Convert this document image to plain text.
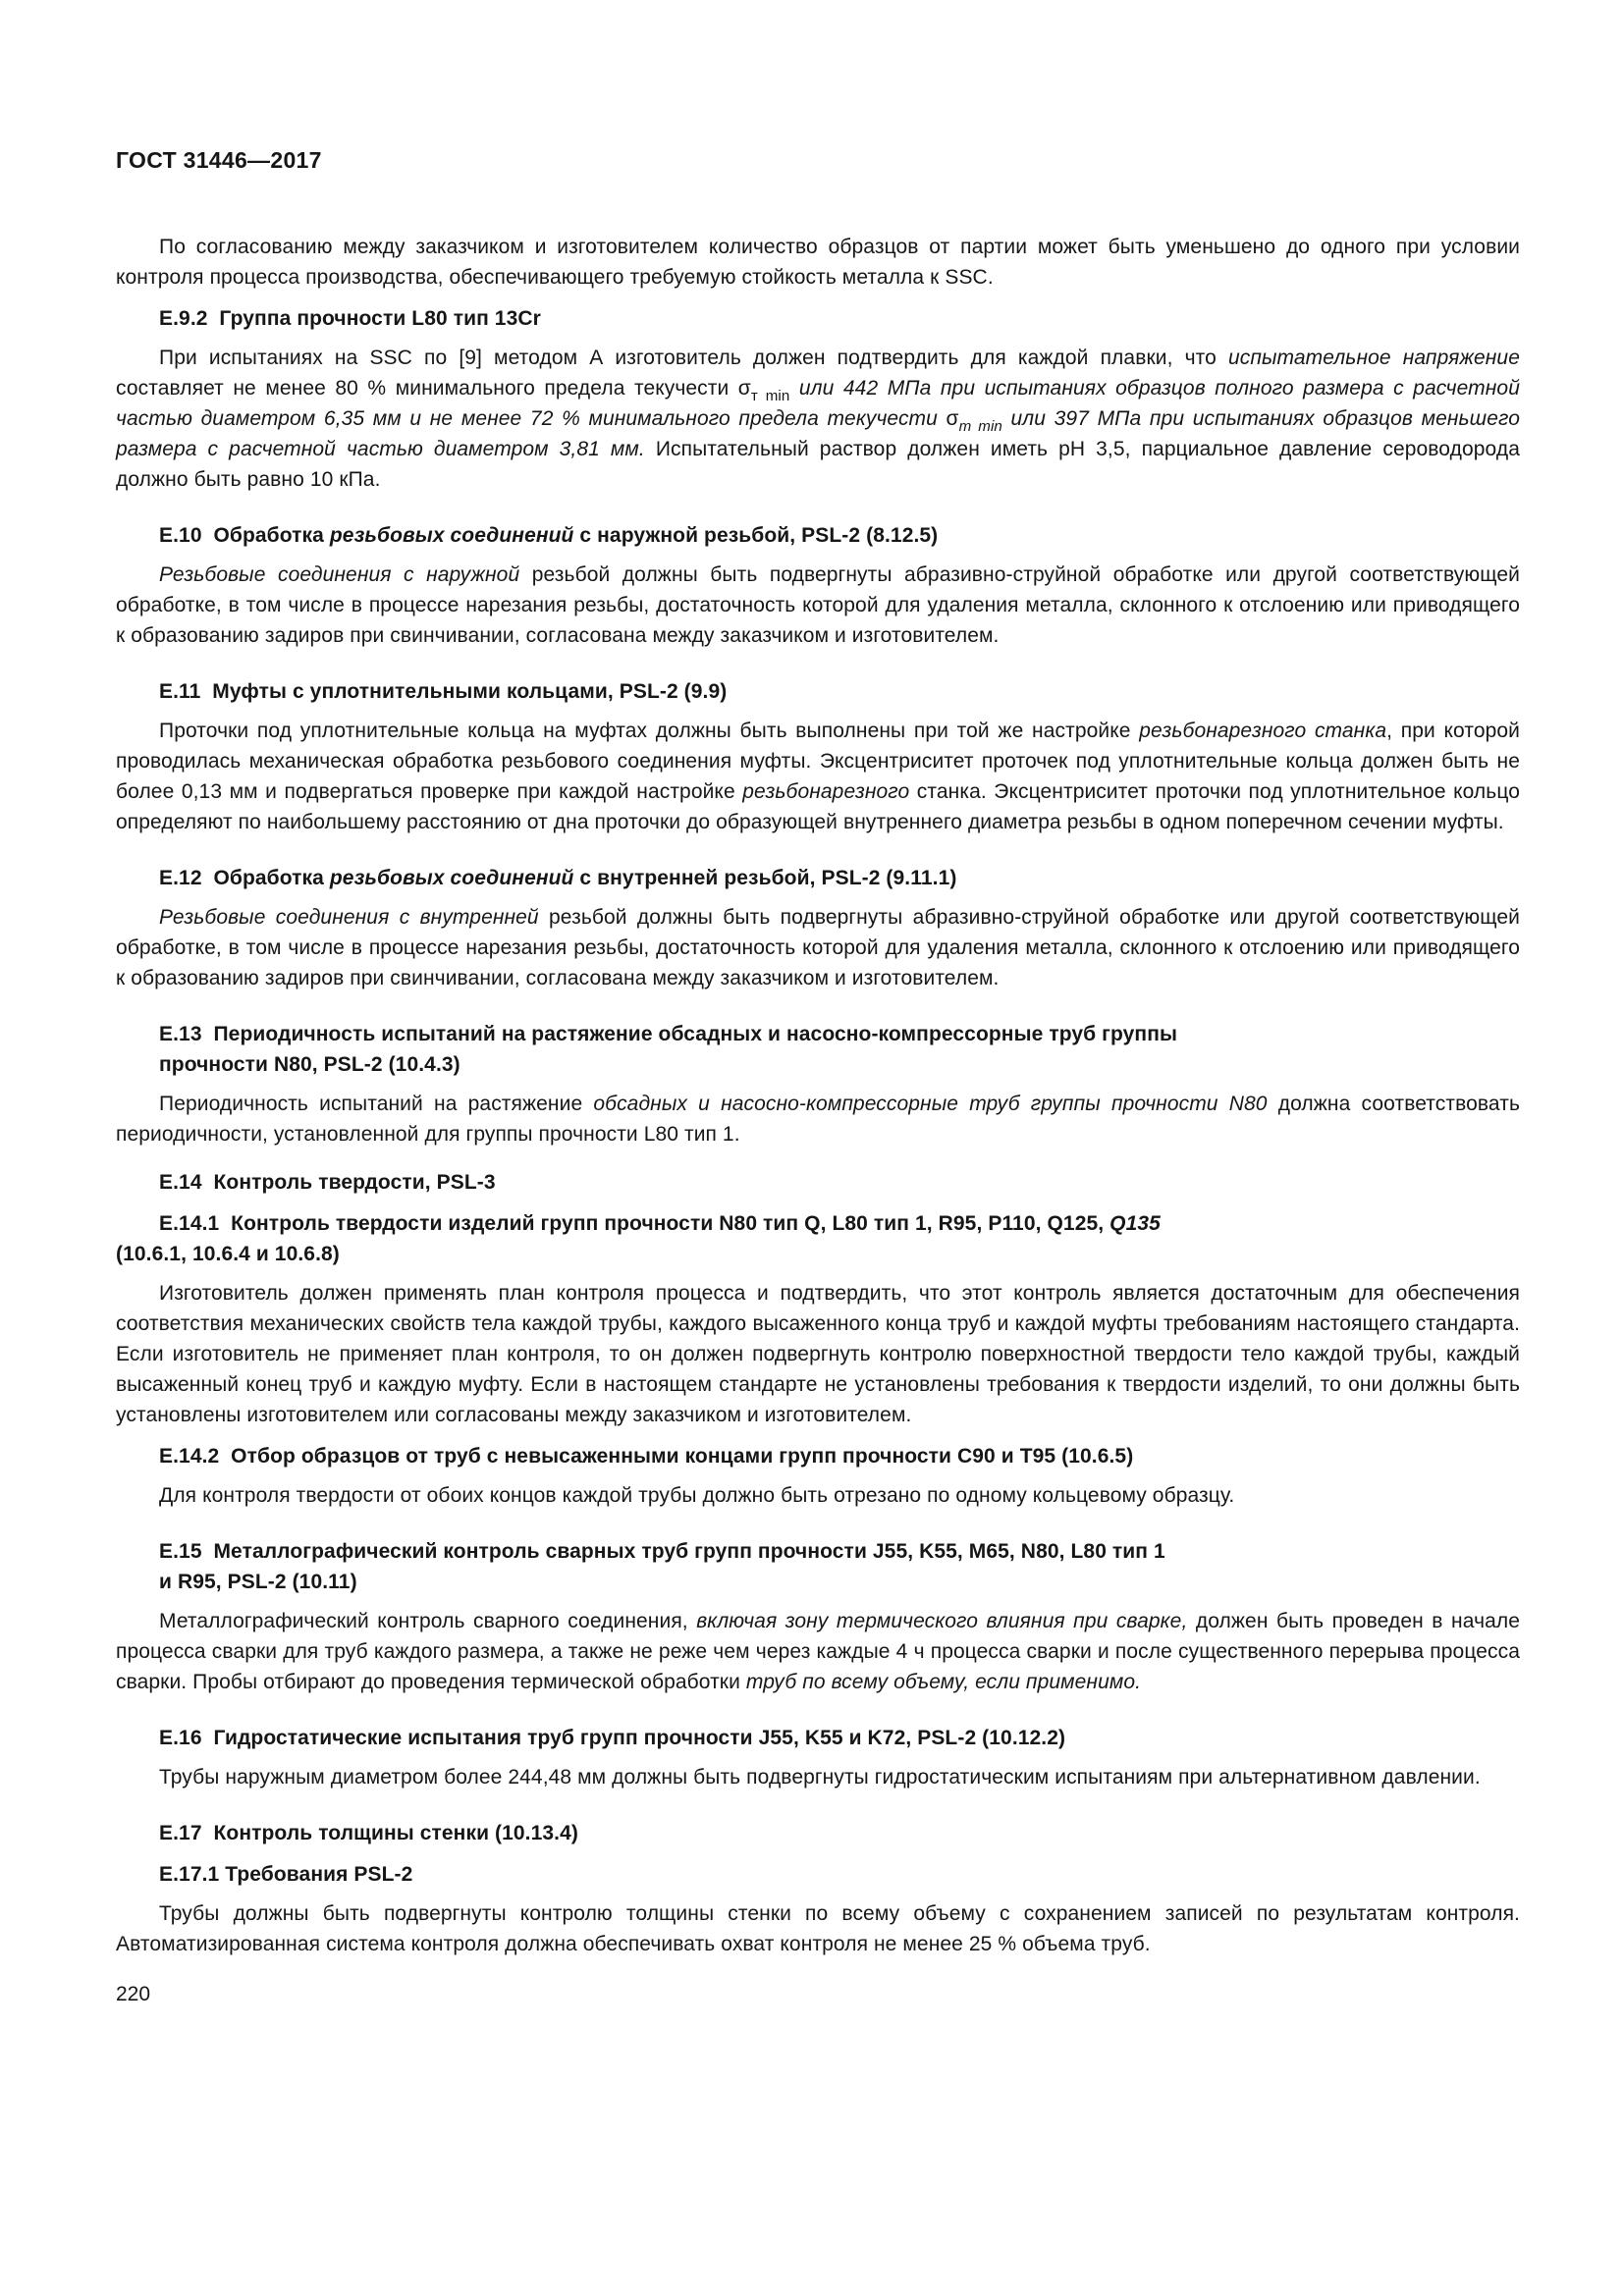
ГОСТ 31446—2017

По согласованию между заказчиком и изготовителем количество образцов от партии может быть уменьшено до одного при условии контроля процесса производства, обеспечивающего требуемую стойкость металла к SSC.

Е.9.2  Группа прочности L80 тип 13Cr

При испытаниях на SSC по [9] методом А изготовитель должен подтвердить для каждой плавки, что испытательное напряжение составляет не менее 80 % минимального предела текучести $\sigma_{т min}$ или 442 МПа при испытаниях образцов полного размера с расчетной частью диаметром 6,35 мм и не менее 72 % минимального предела текучести $\sigma_{т min}$ или 397 МПа при испытаниях образцов меньшего размера с расчетной частью диаметром 3,81 мм. Испытательный раствор должен иметь pH 3,5, парциальное давление сероводорода должно быть равно 10 кПа.

Е.10  Обработка резьбовых соединений с наружной резьбой, PSL-2 (8.12.5)

Резьбовые соединения с наружной резьбой должны быть подвергнуты абразивно-струйной обработке или другой соответствующей обработке, в том числе в процессе нарезания резьбы, достаточность которой для удаления металла, склонного к отслоению или приводящего к образованию задиров при свинчивании, согласована между заказчиком и изготовителем.

Е.11  Муфты с уплотнительными кольцами, PSL-2 (9.9)

Проточки под уплотнительные кольца на муфтах должны быть выполнены при той же настройке резьбонарезного станка, при которой проводилась механическая обработка резьбового соединения муфты. Эксцентриситет проточек под уплотнительные кольца должен быть не более 0,13 мм и подвергаться проверке при каждой настройке резьбонарезного станка. Эксцентриситет проточки под уплотнительное кольцо определяют по наибольшему расстоянию от дна проточки до образующей внутреннего диаметра резьбы в одном поперечном сечении муфты.

Е.12  Обработка резьбовых соединений с внутренней резьбой, PSL-2 (9.11.1)

Резьбовые соединения с внутренней резьбой должны быть подвергнуты абразивно-струйной обработке или другой соответствующей обработке, в том числе в процессе нарезания резьбы, достаточность которой для удаления металла, склонного к отслоению или приводящего к образованию задиров при свинчивании, согласована между заказчиком и изготовителем.

Е.13  Периодичность испытаний на растяжение обсадных и насосно-компрессорные труб группы
прочности N80, PSL-2 (10.4.3)

Периодичность испытаний на растяжение обсадных и насосно-компрессорные труб группы прочности N80 должна соответствовать периодичности, установленной для группы прочности L80 тип 1.

Е.14  Контроль твердости, PSL-3
Е.14.1  Контроль твердости изделий групп прочности N80 тип Q, L80 тип 1, R95, P110, Q125, Q135
(10.6.1, 10.6.4 и 10.6.8)

Изготовитель должен применять план контроля процесса и подтвердить, что этот контроль является достаточным для обеспечения соответствия механических свойств тела каждой трубы, каждого высаженного конца труб и каждой муфты требованиям настоящего стандарта. Если изготовитель не применяет план контроля, то он должен подвергнуть контролю поверхностной твердости тело каждой трубы, каждый высаженный конец труб и каждую муфту. Если в настоящем стандарте не установлены требования к твердости изделий, то они должны быть установлены изготовителем или согласованы между заказчиком и изготовителем.

Е.14.2  Отбор образцов от труб с невысаженными концами групп прочности С90 и Т95 (10.6.5)

Для контроля твердости от обоих концов каждой трубы должно быть отрезано по одному кольцевому образцу.

Е.15  Металлографический контроль сварных труб групп прочности J55, K55, M65, N80, L80 тип 1
и R95, PSL-2 (10.11)

Металлографический контроль сварного соединения, включая зону термического влияния при сварке, должен быть проведен в начале процесса сварки для труб каждого размера, а также не реже чем через каждые 4 ч процесса сварки и после существенного перерыва процесса сварки. Пробы отбирают до проведения термической обработки труб по всему объему, если применимо.

Е.16  Гидростатические испытания труб групп прочности J55, K55 и K72, PSL-2 (10.12.2)

Трубы наружным диаметром более 244,48 мм должны быть подвергнуты гидростатическим испытаниям при альтернативном давлении.

Е.17  Контроль толщины стенки (10.13.4)
Е.17.1 Требования PSL-2

Трубы должны быть подвергнуты контролю толщины стенки по всему объему с сохранением записей по результатам контроля. Автоматизированная система контроля должна обеспечивать охват контроля не менее 25 % объема труб.

220
